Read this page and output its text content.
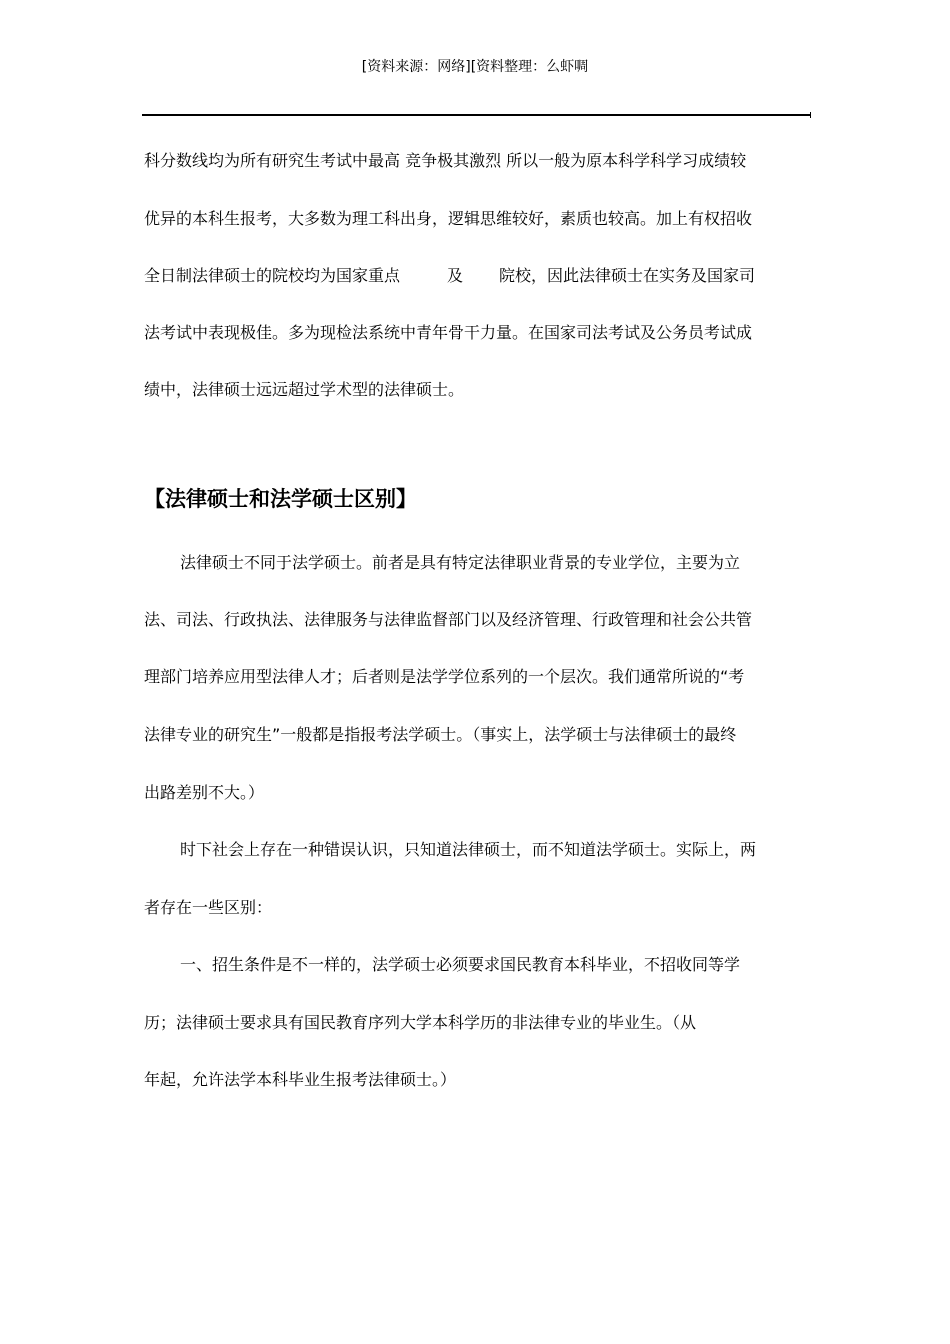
[资料来源：网络][资料整理：么虾啁
科分数线均为所有研究生考试中最高 竞争极其激烈 所以一般为原本科学科学习成绩较
优异的本科生报考，大多数为理工科出身，逻辑思维较好，素质也较高。加上有权招收
全日制法律硕士的院校均为国家重点	及 院校，因此法律硕士在实务及国家司
法考试中表现极佳。多为现检法系统中青年骨干力量。在国家司法考试及公务员考试成
绩中，法律硕士远远超过学术型的法律硕士。
【法律硕士和法学硕士区别】
法律硕士不同于法学硕士。前者是具有特定法律职业背景的专业学位，主要为立
法、司法、行政执法、法律服务与法律监督部门以及经济管理、行政管理和社会公共管
理部门培养应用型法律人才；后者则是法学学位系列的一个层次。我们通常所说的“考
法律专业的研究生”一般都是指报考法学硕士。（事实上，法学硕士与法律硕士的最终
出路差别不大。）
时下社会上存在一种错误认识，只知道法律硕士，而不知道法学硕士。实际上，两
者存在一些区别：
一、招生条件是不一样的，法学硕士必须要求国民教育本科毕业，不招收同等学
历；法律硕士要求具有国民教育序列大学本科学历的非法律专业的毕业生。（从
年起，允许法学本科毕业生报考法律硕士。）
